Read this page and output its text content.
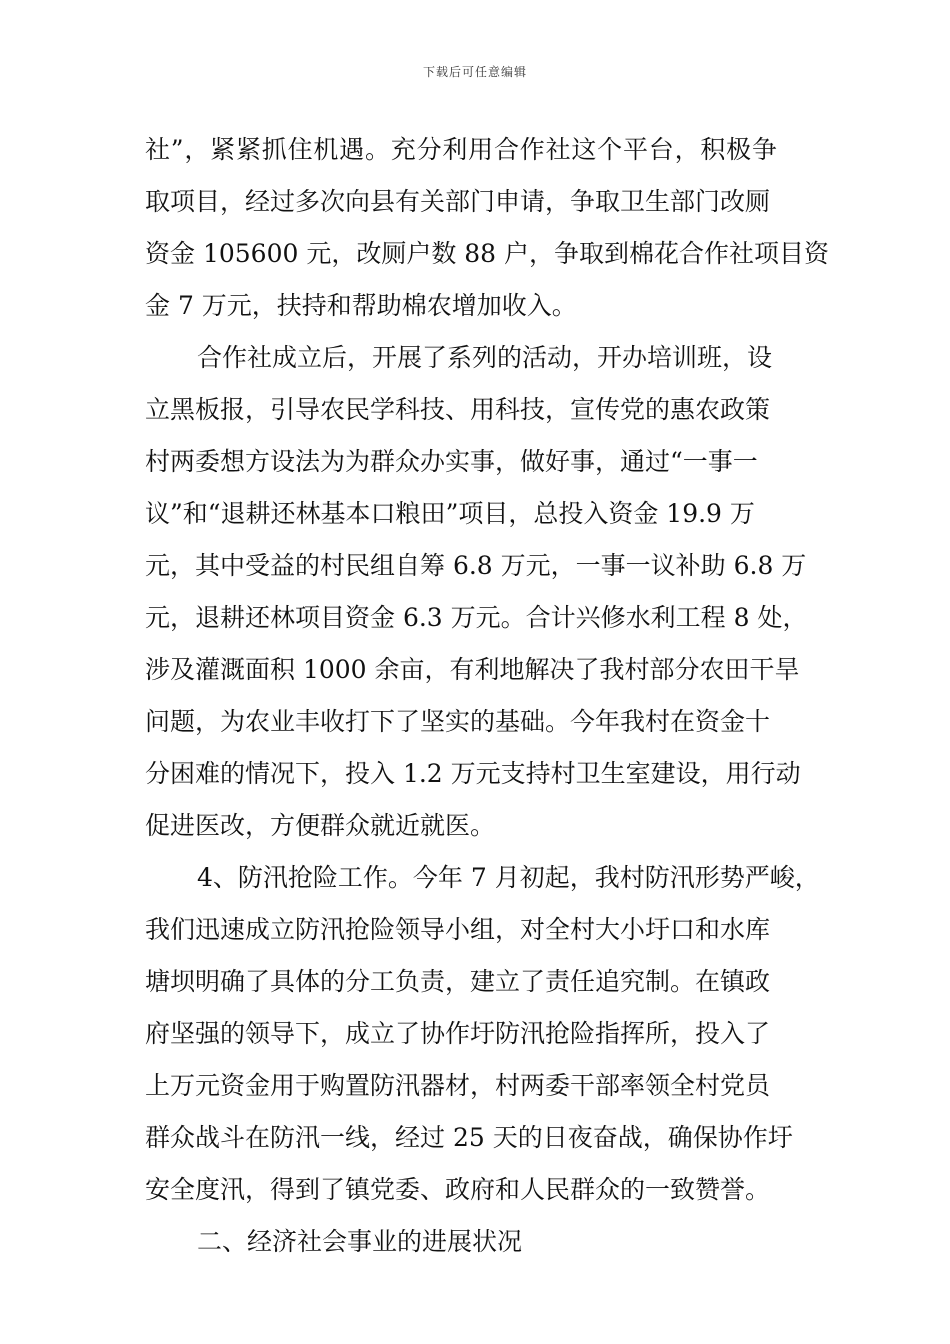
下载后可任意编辑
社”，紧紧抓住机遇。充分利用合作社这个平台，积极争
取项目，经过多次向县有关部门申请，争取卫生部门改厕
资金 105600 元，改厕户数 88 户，争取到棉花合作社项目资
金 7 万元，扶持和帮助棉农增加收入。
合作社成立后，开展了系列的活动，开办培训班，设
立黑板报，引导农民学科技、用科技，宣传党的惠农政策
村两委想方设法为为群众办实事，做好事，通过“一事一
议”和“退耕还林基本口粮田”项目，总投入资金 19.9 万
元，其中受益的村民组自筹 6.8 万元，一事一议补助 6.8 万
元，退耕还林项目资金 6.3 万元。合计兴修水利工程 8 处，
涉及灌溉面积 1000 余亩，有利地解决了我村部分农田干旱
问题，为农业丰收打下了坚实的基础。今年我村在资金十
分困难的情况下，投入 1.2 万元支持村卫生室建设，用行动
促进医改，方便群众就近就医。
4、防汛抢险工作。今年 7 月初起，我村防汛形势严峻，
我们迅速成立防汛抢险领导小组，对全村大小圩口和水库
塘坝明确了具体的分工负责，建立了责任追究制。在镇政
府坚强的领导下，成立了协作圩防汛抢险指挥所，投入了
上万元资金用于购置防汛器材，村两委干部率领全村党员
群众战斗在防汛一线，经过 25 天的日夜奋战，确保协作圩
安全度汛，得到了镇党委、政府和人民群众的一致赞誉。
二、经济社会事业的进展状况
